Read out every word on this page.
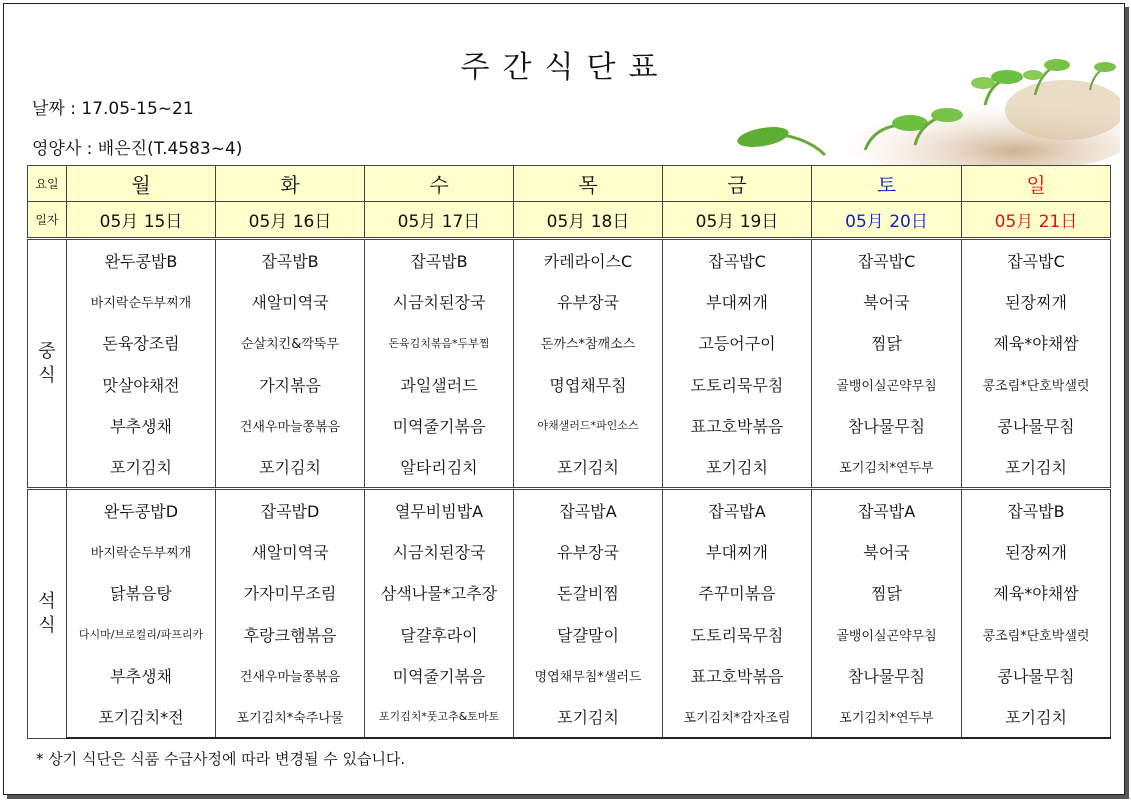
주간식단표
날짜 : 17.05-15~21
영양사 : 배은진(T.4583~4)
요일	월	화	수	목	금	토	일
일자	05月 15日	05月 16日	05月 17日	05月 18日	05月 19日	05月 20日	05月 21日
중식	완두콩밥B	잡곡밥B	잡곡밥B	카레라이스C	잡곡밥C	잡곡밥C	잡곡밥C
	바지락순두부찌개	새알미역국	시금치된장국	유부장국	부대찌개	북어국	된장찌개
	돈육장조림	순살치킨&깍뚝무	돈육김치볶음*두부찜	돈까스*참깨소스	고등어구이	찜닭	제육*야채쌈
	맛살야채전	가지볶음	과일샐러드	명엽채무침	도토리묵무침	골뱅이실곤약무침	콩조림*단호박샐럿
	부추생채	건새우마늘쫑볶음	미역줄기볶음	야채샐러드*파인소스	표고호박볶음	참나물무침	콩나물무침
	포기김치	포기김치	알타리김치	포기김치	포기김치	포기김치*연두부	포기김치
석식	완두콩밥D	잡곡밥D	열무비빔밥A	잡곡밥A	잡곡밥A	잡곡밥A	잡곡밥B
	바지락순두부찌개	새알미역국	시금치된장국	유부장국	부대찌개	북어국	된장찌개
	닭볶음탕	가자미무조림	삼색나물*고추장	돈갈비찜	주꾸미볶음	찜닭	제육*야채쌈
	다시마/브로컬리/파프리카	후랑크햄볶음	달걀후라이	달걀말이	도토리묵무침	골뱅이실곤약무침	콩조림*단호박샐럿
	부추생채	건새우마늘쫑볶음	미역줄기볶음	명엽채무침*샐러드	표고호박볶음	참나물무침	콩나물무침
	포기김치*전	포기김치*숙주나물	포기김치*풋고추&토마토	포기김치	포기김치*감자조림	포기김치*연두부	포기김치
* 상기 식단은 식품 수급사정에 따라 변경될 수 있습니다.
